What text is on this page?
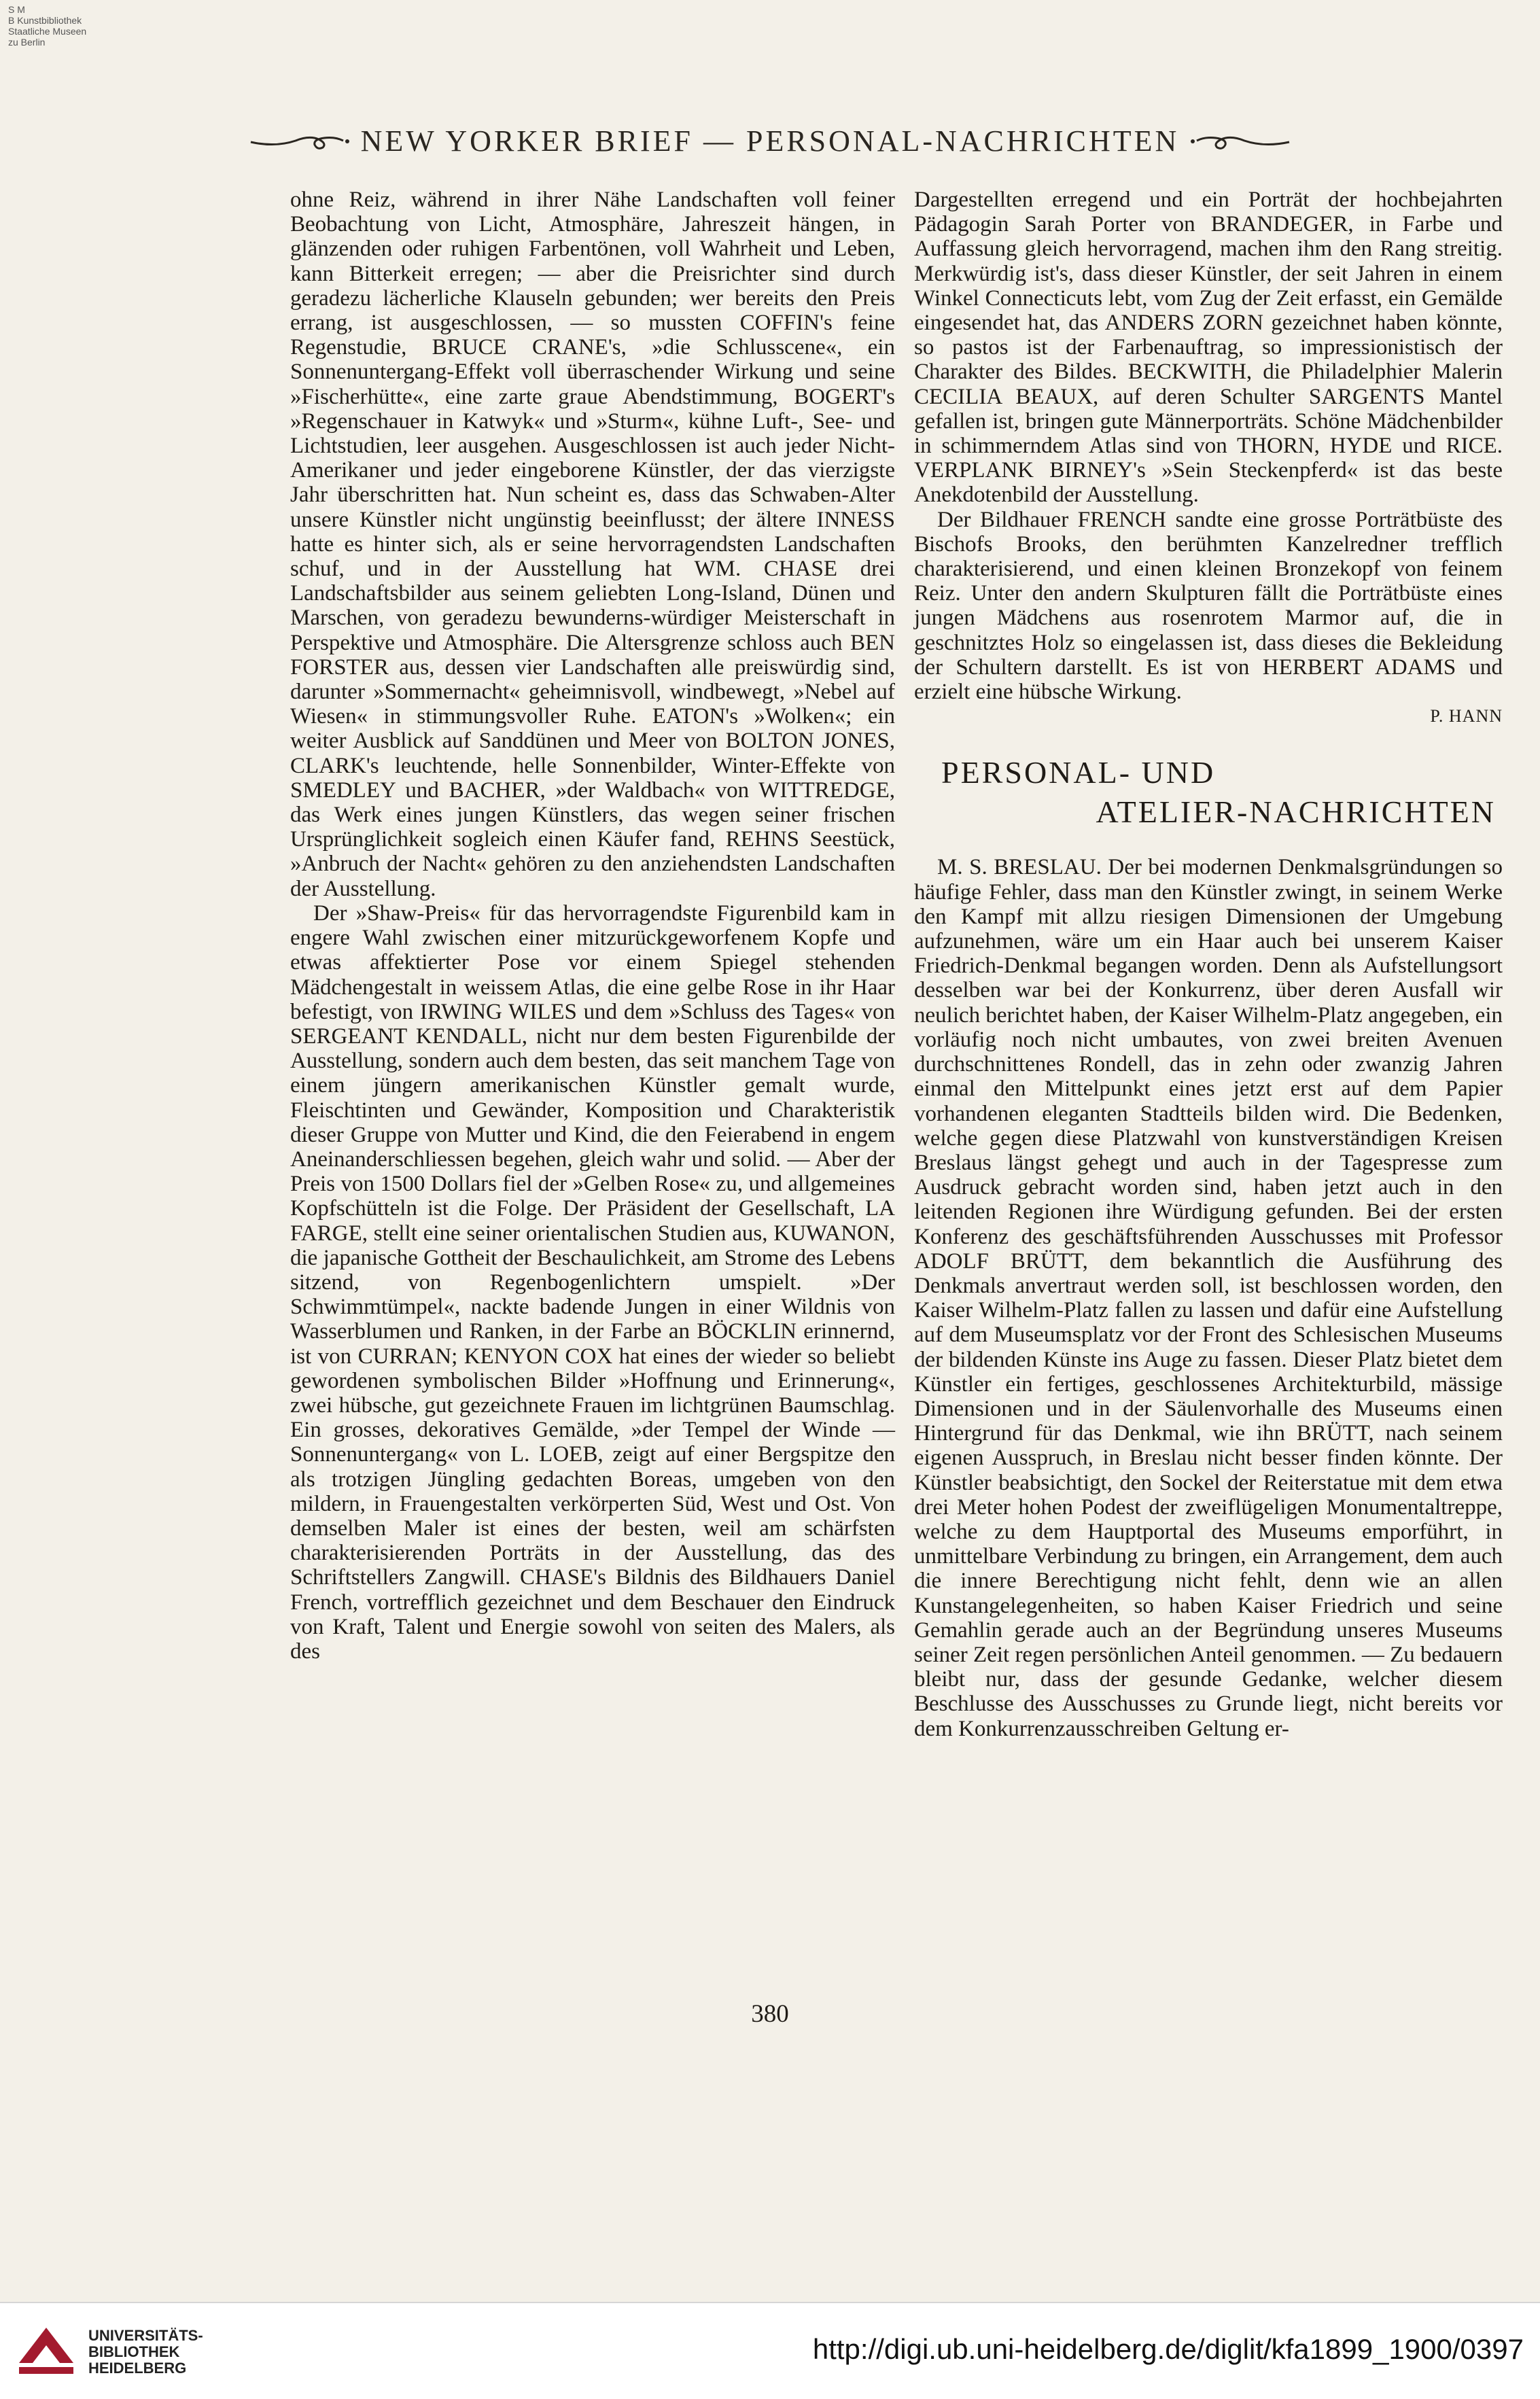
S M
B Kunstbibliothek
Staatliche Museen
zu Berlin
NEW YORKER BRIEF — PERSONAL-NACHRICHTEN

ohne Reiz, während in ihrer Nähe Landschaften voll feiner Beobachtung von Licht, Atmosphäre, Jahreszeit hängen, in glänzenden oder ruhigen Farbentönen, voll Wahrheit und Leben, kann Bitterkeit erregen; — aber die Preisrichter sind durch geradezu lächerliche Klauseln gebunden; wer bereits den Preis errang, ist ausgeschlossen, — so mussten COFFIN's feine Regenstudie, BRUCE CRANE's, »die Schlusscene«, ein Sonnenuntergang-Effekt voll überraschender Wirkung und seine »Fischerhütte«, eine zarte graue Abendstimmung, BOGERT's »Regenschauer in Katwyk« und »Sturm«, kühne Luft-, See- und Lichtstudien, leer ausgehen. Ausgeschlossen ist auch jeder Nicht-Amerikaner und jeder eingeborene Künstler, der das vierzigste Jahr überschritten hat. Nun scheint es, dass das Schwaben-Alter unsere Künstler nicht ungünstig beeinflusst; der ältere INNESS hatte es hinter sich, als er seine hervorragendsten Landschaften schuf, und in der Ausstellung hat WM. CHASE drei Landschaftsbilder aus seinem geliebten Long-Island, Dünen und Marschen, von geradezu bewunderns-würdiger Meisterschaft in Perspektive und Atmosphäre. Die Altersgrenze schloss auch BEN FORSTER aus, dessen vier Landschaften alle preiswürdig sind, darunter »Sommernacht« geheimnisvoll, windbewegt, »Nebel auf Wiesen« in stimmungsvoller Ruhe. EATON's »Wolken«; ein weiter Ausblick auf Sanddünen und Meer von BOLTON JONES, CLARK's leuchtende, helle Sonnenbilder, Winter-Effekte von SMEDLEY und BACHER, »der Waldbach« von WITTREDGE, das Werk eines jungen Künstlers, das wegen seiner frischen Ursprünglichkeit sogleich einen Käufer fand, REHNS Seestück, »Anbruch der Nacht« gehören zu den anziehendsten Landschaften der Ausstellung.

Der »Shaw-Preis« für das hervorragendste Figurenbild kam in engere Wahl zwischen einer mitzurückgeworfenem Kopfe und etwas affektierter Pose vor einem Spiegel stehenden Mädchengestalt in weissem Atlas, die eine gelbe Rose in ihr Haar befestigt, von IRWING WILES und dem »Schluss des Tages« von SERGEANT KENDALL, nicht nur dem besten Figurenbilde der Ausstellung, sondern auch dem besten, das seit manchem Tage von einem jüngern amerikanischen Künstler gemalt wurde, Fleischtinten und Gewänder, Komposition und Charakteristik dieser Gruppe von Mutter und Kind, die den Feierabend in engem Aneinanderschliessen begehen, gleich wahr und solid. — Aber der Preis von 1500 Dollars fiel der »Gelben Rose« zu, und allgemeines Kopfschütteln ist die Folge. Der Präsident der Gesellschaft, LA FARGE, stellt eine seiner orientalischen Studien aus, KUWANON, die japanische Gottheit der Beschaulichkeit, am Strome des Lebens sitzend, von Regenbogenlichtern umspielt. »Der Schwimmtümpel«, nackte badende Jungen in einer Wildnis von Wasserblumen und Ranken, in der Farbe an BÖCKLIN erinnernd, ist von CURRAN; KENYON COX hat eines der wieder so beliebt gewordenen symbolischen Bilder »Hoffnung und Erinnerung«, zwei hübsche, gut gezeichnete Frauen im lichtgrünen Baumschlag. Ein grosses, dekoratives Gemälde, »der Tempel der Winde — Sonnenuntergang« von L. LOEB, zeigt auf einer Bergspitze den als trotzigen Jüngling gedachten Boreas, umgeben von den mildern, in Frauengestalten verkörperten Süd, West und Ost. Von demselben Maler ist eines der besten, weil am schärfsten charakterisierenden Porträts in der Ausstellung, das des Schriftstellers Zangwill. CHASE's Bildnis des Bildhauers Daniel French, vortrefflich gezeichnet und dem Beschauer den Eindruck von Kraft, Talent und Energie sowohl von seiten des Malers, als des

Dargestellten erregend und ein Porträt der hochbejahrten Pädagogin Sarah Porter von BRANDEGER, in Farbe und Auffassung gleich hervorragend, machen ihm den Rang streitig. Merkwürdig ist's, dass dieser Künstler, der seit Jahren in einem Winkel Connecticuts lebt, vom Zug der Zeit erfasst, ein Gemälde eingesendet hat, das ANDERS ZORN gezeichnet haben könnte, so pastos ist der Farbenauftrag, so impressionistisch der Charakter des Bildes. BECKWITH, die Philadelphier Malerin CECILIA BEAUX, auf deren Schulter SARGENTS Mantel gefallen ist, bringen gute Männerporträts. Schöne Mädchenbilder in schimmerndem Atlas sind von THORN, HYDE und RICE. VERPLANK BIRNEY's »Sein Steckenpferd« ist das beste Anekdotenbild der Ausstellung.

Der Bildhauer FRENCH sandte eine grosse Porträtbüste des Bischofs Brooks, den berühmten Kanzelredner trefflich charakterisierend, und einen kleinen Bronzekopf von feinem Reiz. Unter den andern Skulpturen fällt die Porträtbüste eines jungen Mädchens aus rosenrotem Marmor auf, die in geschnitztes Holz so eingelassen ist, dass dieses die Bekleidung der Schultern darstellt. Es ist von HERBERT ADAMS und erzielt eine hübsche Wirkung.

P. HANN

PERSONAL- UND
ATELIER-NACHRICHTEN

M. S. BRESLAU. Der bei modernen Denkmalsgründungen so häufige Fehler, dass man den Künstler zwingt, in seinem Werke den Kampf mit allzu riesigen Dimensionen der Umgebung aufzunehmen, wäre um ein Haar auch bei unserem Kaiser Friedrich-Denkmal begangen worden. Denn als Aufstellungsort desselben war bei der Konkurrenz, über deren Ausfall wir neulich berichtet haben, der Kaiser Wilhelm-Platz angegeben, ein vorläufig noch nicht umbautes, von zwei breiten Avenuen durchschnittenes Rondell, das in zehn oder zwanzig Jahren einmal den Mittelpunkt eines jetzt erst auf dem Papier vorhandenen eleganten Stadtteils bilden wird. Die Bedenken, welche gegen diese Platzwahl von kunstverständigen Kreisen Breslaus längst gehegt und auch in der Tagespresse zum Ausdruck gebracht worden sind, haben jetzt auch in den leitenden Regionen ihre Würdigung gefunden. Bei der ersten Konferenz des geschäftsführenden Ausschusses mit Professor ADOLF BRÜTT, dem bekanntlich die Ausführung des Denkmals anvertraut werden soll, ist beschlossen worden, den Kaiser Wilhelm-Platz fallen zu lassen und dafür eine Aufstellung auf dem Museumsplatz vor der Front des Schlesischen Museums der bildenden Künste ins Auge zu fassen. Dieser Platz bietet dem Künstler ein fertiges, geschlossenes Architekturbild, mässige Dimensionen und in der Säulenvorhalle des Museums einen Hintergrund für das Denkmal, wie ihn BRÜTT, nach seinem eigenen Ausspruch, in Breslau nicht besser finden könnte. Der Künstler beabsichtigt, den Sockel der Reiterstatue mit dem etwa drei Meter hohen Podest der zweiflügeligen Monumentaltreppe, welche zu dem Hauptportal des Museums emporführt, in unmittelbare Verbindung zu bringen, ein Arrangement, dem auch die innere Berechtigung nicht fehlt, denn wie an allen Kunstangelegenheiten, so haben Kaiser Friedrich und seine Gemahlin gerade auch an der Begründung unseres Museums seiner Zeit regen persönlichen Anteil genommen. — Zu bedauern bleibt nur, dass der gesunde Gedanke, welcher diesem Beschlusse des Ausschusses zu Grunde liegt, nicht bereits vor dem Konkurrenzausschreiben Geltung er-

380
UNIVERSITÄTS-
BIBLIOTHEK
HEIDELBERG
http://digi.ub.uni-heidelberg.de/diglit/kfa1899_1900/0397
